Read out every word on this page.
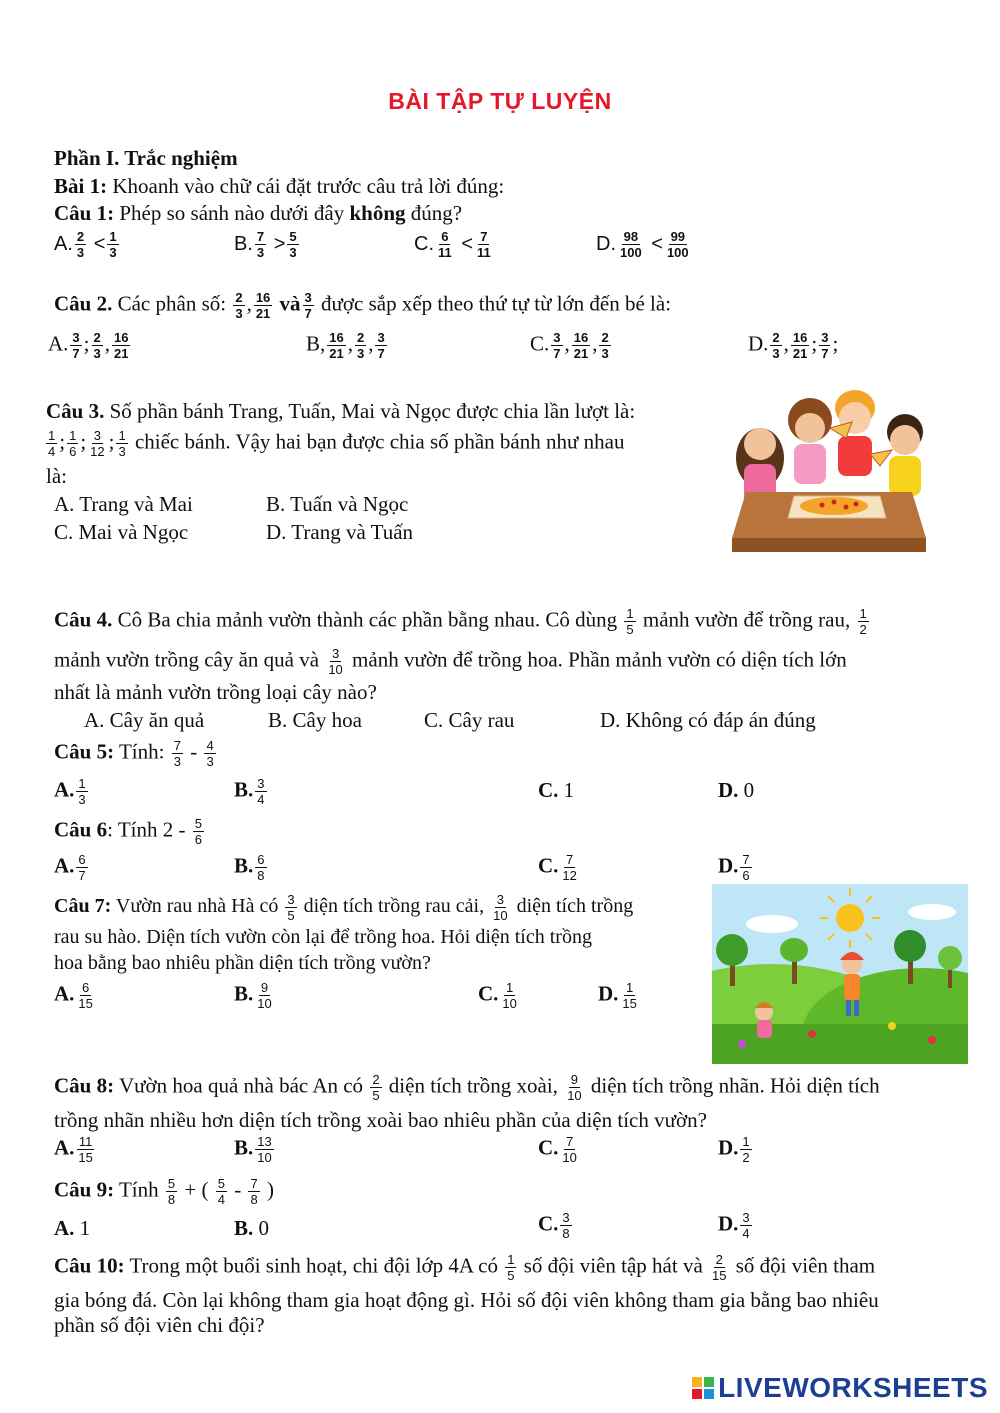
BÀI TẬP TỰ LUYỆN
Phần I. Trắc nghiệm
Bài 1: Khoanh vào chữ cái đặt trước câu trả lời đúng:
Câu 1: Phép so sánh nào dưới đây không đúng?
A. $\frac{2}{3} < \frac{1}{3}$	B. $\frac{7}{3} > \frac{5}{3}$	C. $\frac{6}{11} < \frac{7}{11}$	D. $\frac{98}{100} < \frac{99}{100}$
Câu 2. Các phân số: $\frac{2}{3}$ , $\frac{16}{21}$ và $\frac{3}{7}$ được sắp xếp theo thứ tự từ lớn đến bé là:
A. $\frac{3}{7}$ ; $\frac{2}{3}$ , $\frac{16}{21}$	B, $\frac{16}{21}$ , $\frac{2}{3}$ , $\frac{3}{7}$	C. $\frac{3}{7}$ , $\frac{16}{21}$ , $\frac{2}{3}$	D. $\frac{2}{3}$ , $\frac{16}{21}$ ; $\frac{3}{7}$ ;
Câu 3. Số phần bánh Trang, Tuấn, Mai và Ngọc được chia lần lượt là:
$\frac{1}{4}$ ; $\frac{1}{6}$ ; $\frac{3}{12}$ ; $\frac{1}{3}$ chiếc bánh. Vậy hai bạn được chia số phần bánh như nhau
là:
A. Trang và Mai	B. Tuấn và Ngọc
C. Mai và Ngọc	D. Trang và Tuấn
Câu 4. Cô Ba chia mảnh vườn thành các phần bằng nhau. Cô dùng $\frac{1}{5}$ mảnh vườn để trồng rau, $\frac{1}{2}$
mảnh vườn trồng cây ăn quả và $\frac{3}{10}$ mảnh vườn để trồng hoa. Phần mảnh vườn có diện tích lớn
nhất là mảnh vườn trồng loại cây nào?
A. Cây ăn quả	B. Cây hoa	C. Cây rau	D. Không có đáp án đúng
Câu 5: Tính: $\frac{7}{3} - \frac{4}{3}$
A. $\frac{1}{3}$	B. $\frac{3}{4}$	C. 1	D. 0
Câu 6: Tính $2 - \frac{5}{6}$
A. $\frac{6}{7}$	B. $\frac{6}{8}$	C. $\frac{7}{12}$	D. $\frac{7}{6}$
Câu 7: Vườn rau nhà Hà có $\frac{3}{5}$ diện tích trồng rau cải, $\frac{3}{10}$ diện tích trồng
rau su hào. Diện tích vườn còn lại để trồng hoa. Hỏi diện tích trồng
hoa bằng bao nhiêu phần diện tích trồng vườn?
A. $\frac{6}{15}$	B. $\frac{9}{10}$	C. $\frac{1}{10}$	D. $\frac{1}{15}$
Câu 8: Vườn hoa quả nhà bác An có $\frac{2}{5}$ diện tích trồng xoài, $\frac{9}{10}$ diện tích trồng nhãn. Hỏi diện tích
trồng nhãn nhiều hơn diện tích trồng xoài bao nhiêu phần của diện tích vườn?
A. $\frac{11}{15}$	B. $\frac{13}{10}$	C. $\frac{7}{10}$	D. $\frac{1}{2}$
Câu 9: Tính $\frac{5}{8}$ + ( $\frac{5}{4} - \frac{7}{8}$ )
A. 1	B. 0	C. $\frac{3}{8}$	D. $\frac{3}{4}$
Câu 10: Trong một buổi sinh hoạt, chi đội lớp 4A có $\frac{1}{5}$ số đội viên tập hát và $\frac{2}{15}$ số đội viên tham
gia bóng đá. Còn lại không tham gia hoạt động gì. Hỏi số đội viên không tham gia bằng bao nhiêu
phần số đội viên chi đội?
LIVEWORKSHEETS
